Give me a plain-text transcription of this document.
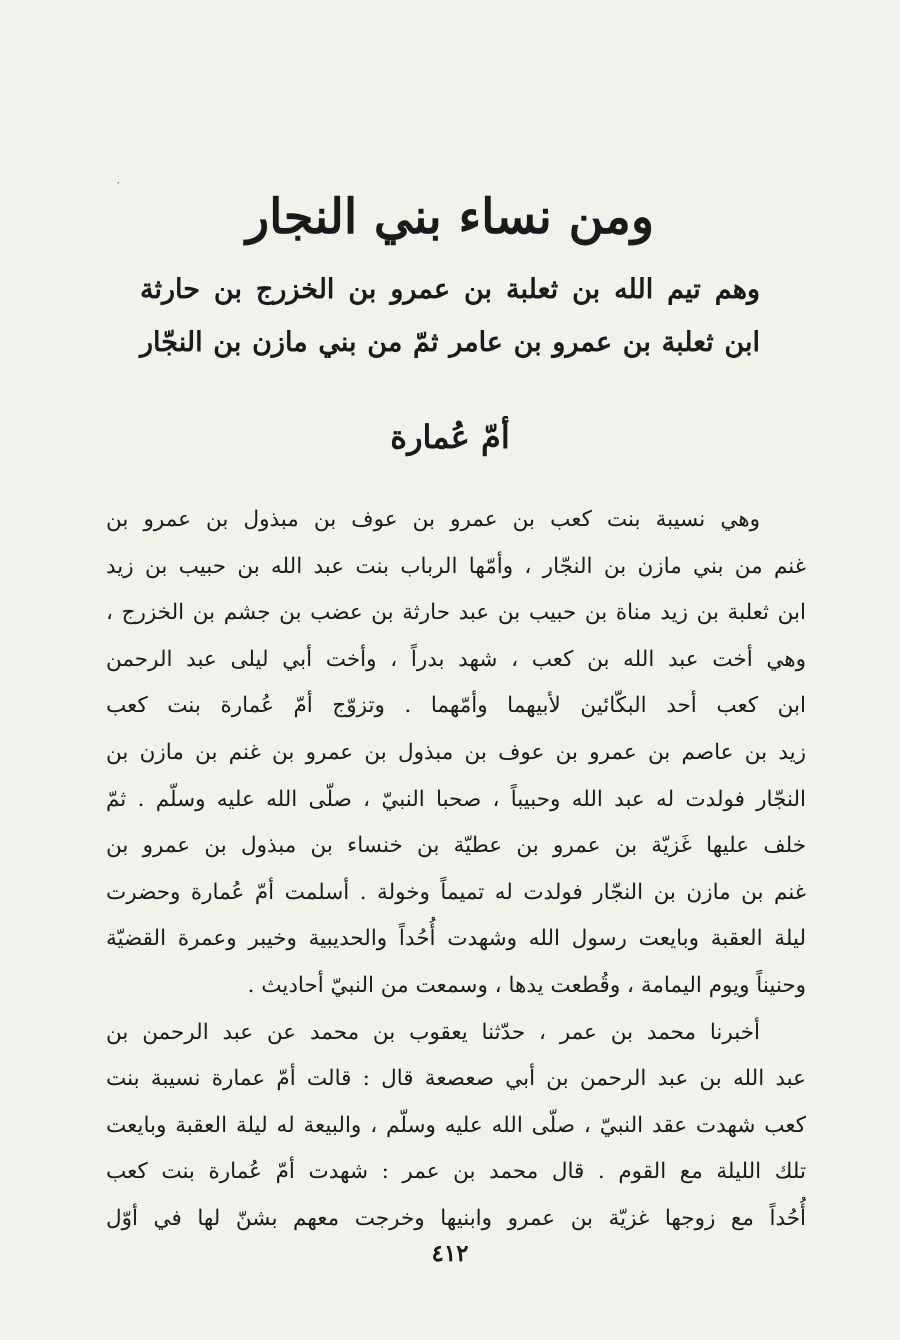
′
ومن نساء بني النجار

وهم تيم الله بن ثعلبة بن عمرو بن الخزرج بن حارثة

ابن ثعلبة بن عمرو بن عامر ثمّ من بني مازن بن النجّار

أمّ عُمارة
وهي نسيبة بنت كعب بن عمرو بن عوف بن مبذول بن عمرو بن
غنم من بني مازن بن النجّار ، وأمّها الرباب بنت عبد الله بن حبيب بن زيد
ابن ثعلبة بن زيد مناة بن حبيب بن عبد حارثة بن عضب بن جشم بن الخزرج ،
وهي أخت عبد الله بن كعب ، شهد بدراً ، وأخت أبي ليلى عبد الرحمن
ابن كعب أحد البكّائين لأبيهما وأمّهما . وتزوّج أمّ عُمارة بنت كعب
زيد بن عاصم بن عمرو بن عوف بن مبذول بن عمرو بن غنم بن مازن بن
النجّار فولدت له عبد الله وحبيباً ، صحبا النبيّ ، صلّى الله عليه وسلّم . ثمّ
خلف عليها غَزيّة بن عمرو بن عطيّة بن خنساء بن مبذول بن عمرو بن
غنم بن مازن بن النجّار فولدت له تميماً وخولة . أسلمت أمّ عُمارة وحضرت
ليلة العقبة وبايعت رسول الله وشهدت أُحُداً والحديبية وخيبر وعمرة القضيّة
وحنيناً ويوم اليمامة ، وقُطعت يدها ، وسمعت من النبيّ أحاديث .
أخبرنا محمد بن عمر ، حدّثنا يعقوب بن محمد عن عبد الرحمن بن
عبد الله بن عبد الرحمن بن أبي صعصعة قال : قالت أمّ عمارة نسيبة بنت
كعب شهدت عقد النبيّ ، صلّى الله عليه وسلّم ، والبيعة له ليلة العقبة وبايعت
تلك الليلة مع القوم . قال محمد بن عمر : شهدت أمّ عُمارة بنت كعب
أُحُداً مع زوجها غزيّة بن عمرو وابنيها وخرجت معهم بشنّ لها في أوّل
٤١٢
